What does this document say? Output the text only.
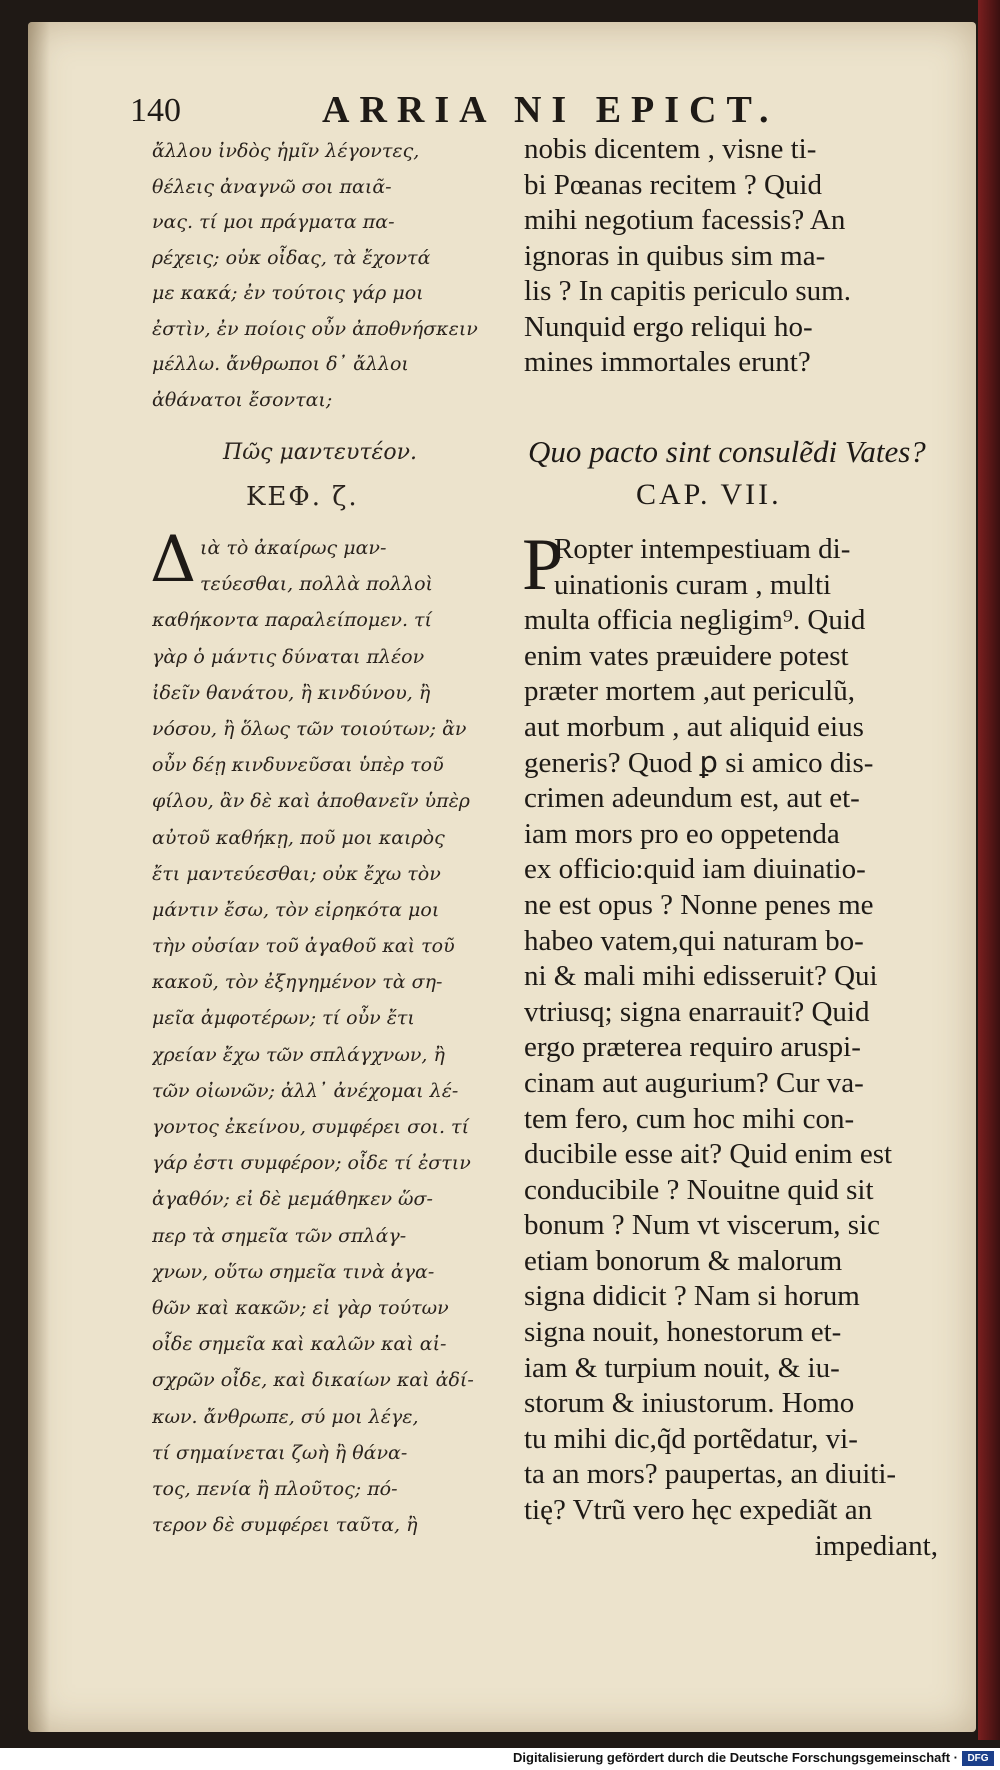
140	ARRIA NI EPICT.
ἄλλου ἰνδὸς ἡμῖν λέγοντες,
θέλεις ἀναγνῶ σοι παιᾶ-
νας. τί μοι πράγματα πα-
ρέχεις; οὐκ οἶδας, τὰ ἔχοντά
με κακά; ἐν τούτοις γάρ μοι
ἐστὶν, ἐν ποίοις οὖν ἀποθνήσκειν
μέλλω. ἄνθρωποι δ᾽ ἄλλοι
ἀθάνατοι ἔσονται;
Πῶς μαντευτέον.
ΚΕΦ. ζ.
Δ ιὰ τὸ ἀκαίρως μαν-
τεύεσθαι, πολλὰ πολλοὶ
καθήκοντα παραλείπομεν. τί
γὰρ ὁ μάντις δύναται πλέον
ἰδεῖν θανάτου, ἢ κινδύνου, ἢ
νόσου, ἢ ὅλως τῶν τοιούτων; ἂν
οὖν δέῃ κινδυνεῦσαι ὑπὲρ τοῦ
φίλου, ἂν δὲ καὶ ἀποθανεῖν ὑπὲρ
αὐτοῦ καθήκῃ, ποῦ μοι καιρὸς
ἔτι μαντεύεσθαι; οὐκ ἔχω τὸν
μάντιν ἔσω, τὸν εἰρηκότα μοι
τὴν οὐσίαν τοῦ ἀγαθοῦ καὶ τοῦ
κακοῦ, τὸν ἐξηγημένον τὰ ση-
μεῖα ἀμφοτέρων; τί οὖν ἔτι
χρείαν ἔχω τῶν σπλάγχνων, ἢ
τῶν οἰωνῶν; ἀλλ᾽ ἀνέχομαι λέ-
γοντος ἐκείνου, συμφέρει σοι. τί
γάρ ἐστι συμφέρον; οἶδε τί ἐστιν
ἀγαθόν; εἰ δὲ μεμάθηκεν ὥσ-
περ τὰ σημεῖα τῶν σπλάγ-
χνων, οὕτω σημεῖα τινὰ ἀγα-
θῶν καὶ κακῶν; εἰ γὰρ τούτων
οἶδε σημεῖα καὶ καλῶν καὶ αἰ-
σχρῶν οἶδε, καὶ δικαίων καὶ ἀδί-
κων. ἄνθρωπε, σύ μοι λέγε,
τί σημαίνεται ζωὴ ἢ θάνα-
τος, πενία ἢ πλοῦτος; πό-
τερον δὲ συμφέρει ταῦτα, ἢ
nobis dicentem , visne ti-
bi Pœanas recitem ? Quid
mihi negotium facessis? An
ignoras in quibus sim ma-
lis ? In capitis periculo sum.
Nunquid ergo reliqui ho-
mines immortales erunt?
Quo pacto sint consulẽdi Vates?
CAP. VII.
P
Ropter intempestiuam di-
uinationis curam , multi
multa officia negligim⁹. Quid
enim vates præuidere potest
præter mortem ,aut periculũ,
aut morbum , aut aliquid eius
generis? Quod ꝑ si amico dis-
crimen adeundum est, aut et-
iam mors pro eo oppetenda
ex officio:quid iam diuinatio-
ne est opus ? Nonne penes me
habeo vatem,qui naturam bo-
ni & mali mihi edisseruit? Qui
vtriusq; signa enarrauit? Quid
ergo prætereа requiro aruspi-
cinam aut augurium? Cur va-
tem fero, cum hoc mihi con-
ducibile esse ait? Quid enim est
conducibile ? Nouitne quid sit
bonum ? Num vt viscerum, sic
etiam bonorum & malorum
signa didicit ? Nam si horum
signa nouit, honestorum et-
iam & turpium nouit, & iu-
storum & iniustorum. Homo
tu mihi dic,q̃d portẽdatur, vi-
ta an mors? paupertas, an diuiti-
tię? Vtrũ vero hęc expediãt an
impediant,
Digitalisierung gefördert durch die Deutsche Forschungsgemeinschaft · DFG
